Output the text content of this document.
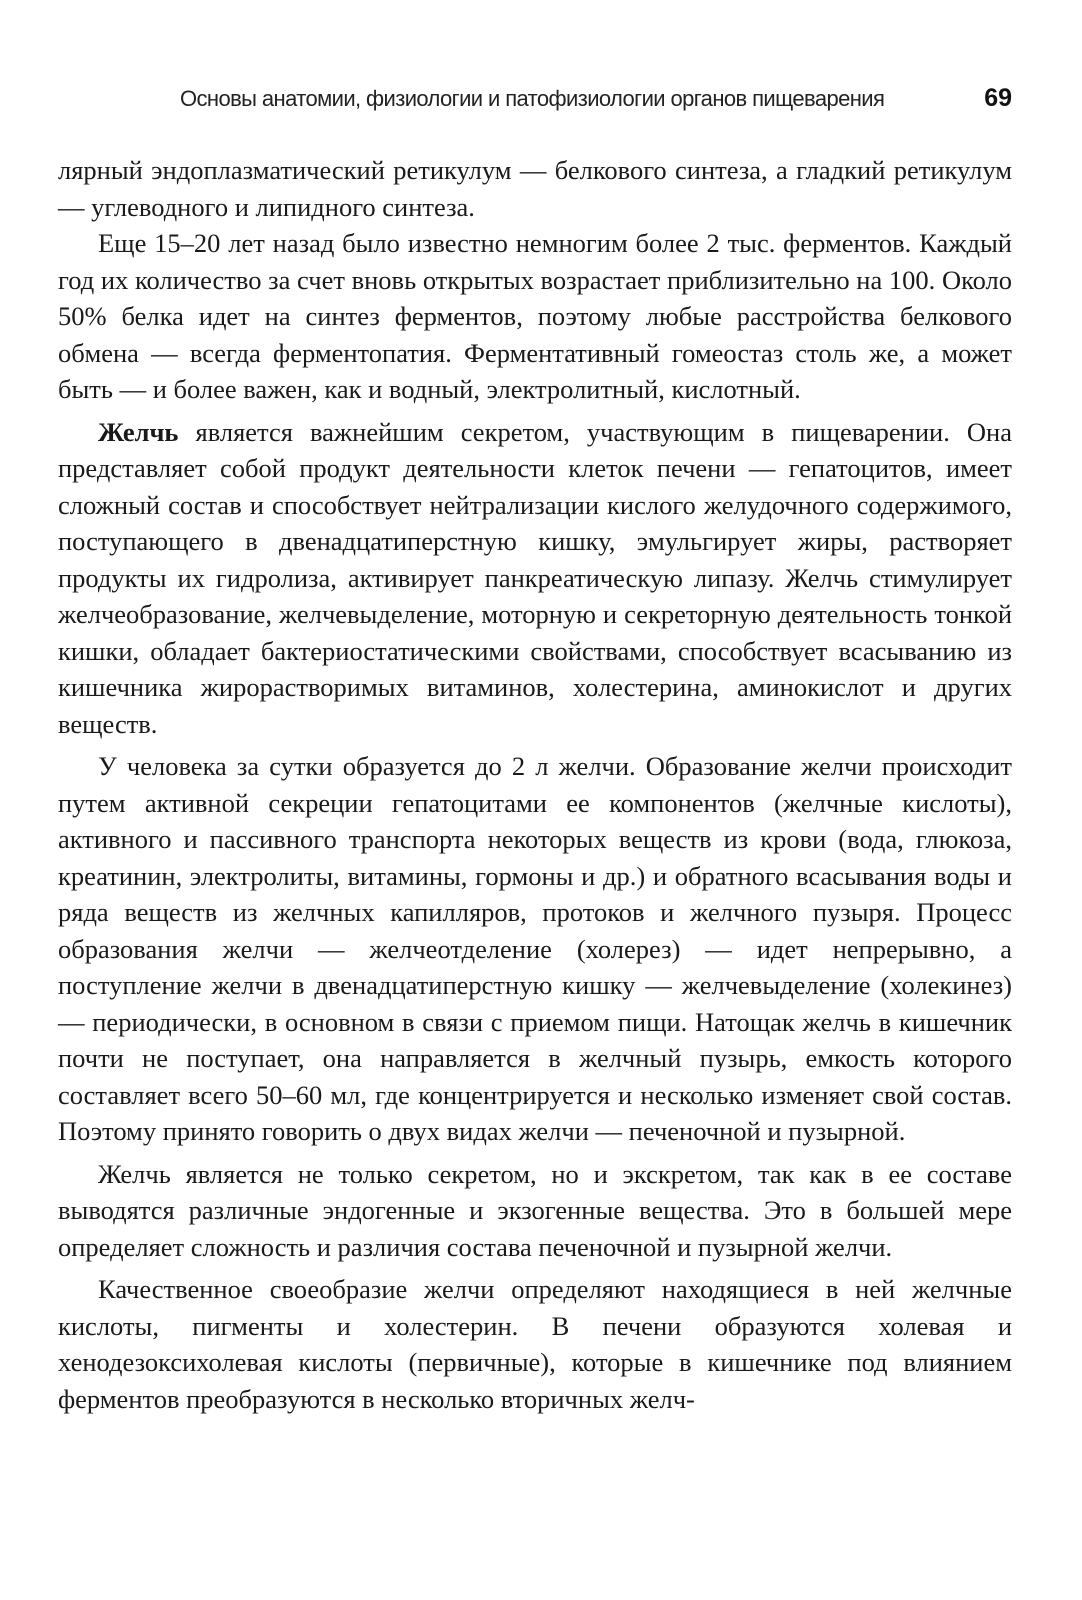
Основы анатомии, физиологии и патофизиологии органов пищеварения	69

лярный эндоплазматический ретикулум — белкового синтеза, а гладкий ретикулум — углеводного и липидного синтеза.

Еще 15–20 лет назад было известно немногим более 2 тыс. ферментов. Каждый год их количество за счет вновь открытых возрастает приблизительно на 100. Около 50% белка идет на синтез ферментов, поэтому любые расстройства белкового обмена — всегда ферментопатия. Ферментативный гомеостаз столь же, а может быть — и более важен, как и водный, электролитный, кислотный.

Желчь является важнейшим секретом, участвующим в пищеварении. Она представляет собой продукт деятельности клеток печени — гепатоцитов, имеет сложный состав и способствует нейтрализации кислого желудочного содержимого, поступающего в двенадцатиперстную кишку, эмульгирует жиры, растворяет продукты их гидролиза, активирует панкреатическую липазу. Желчь стимулирует желчеобразование, желчевыделение, моторную и секреторную деятельность тонкой кишки, обладает бактериостатическими свойствами, способствует всасыванию из кишечника жирорастворимых витаминов, холестерина, аминокислот и других веществ.

У человека за сутки образуется до 2 л желчи. Образование желчи происходит путем активной секреции гепатоцитами ее компонентов (желчные кислоты), активного и пассивного транспорта некоторых веществ из крови (вода, глюкоза, креатинин, электролиты, витамины, гормоны и др.) и обратного всасывания воды и ряда веществ из желчных капилляров, протоков и желчного пузыря. Процесс образования желчи — желчеотделение (холерез) — идет непрерывно, а поступление желчи в двенадцатиперстную кишку — желчевыделение (холекинез) — периодически, в основном в связи с приемом пищи. Натощак желчь в кишечник почти не поступает, она направляется в желчный пузырь, емкость которого составляет всего 50–60 мл, где концентрируется и несколько изменяет свой состав. Поэтому принято говорить о двух видах желчи — печеночной и пузырной.

Желчь является не только секретом, но и экскретом, так как в ее составе выводятся различные эндогенные и экзогенные вещества. Это в большей мере определяет сложность и различия состава печеночной и пузырной желчи.

Качественное своеобразие желчи определяют находящиеся в ней желчные кислоты, пигменты и холестерин. В печени образуются холевая и хенодезоксихолевая кислоты (первичные), которые в кишечнике под влиянием ферментов преобразуются в несколько вторичных желч-
